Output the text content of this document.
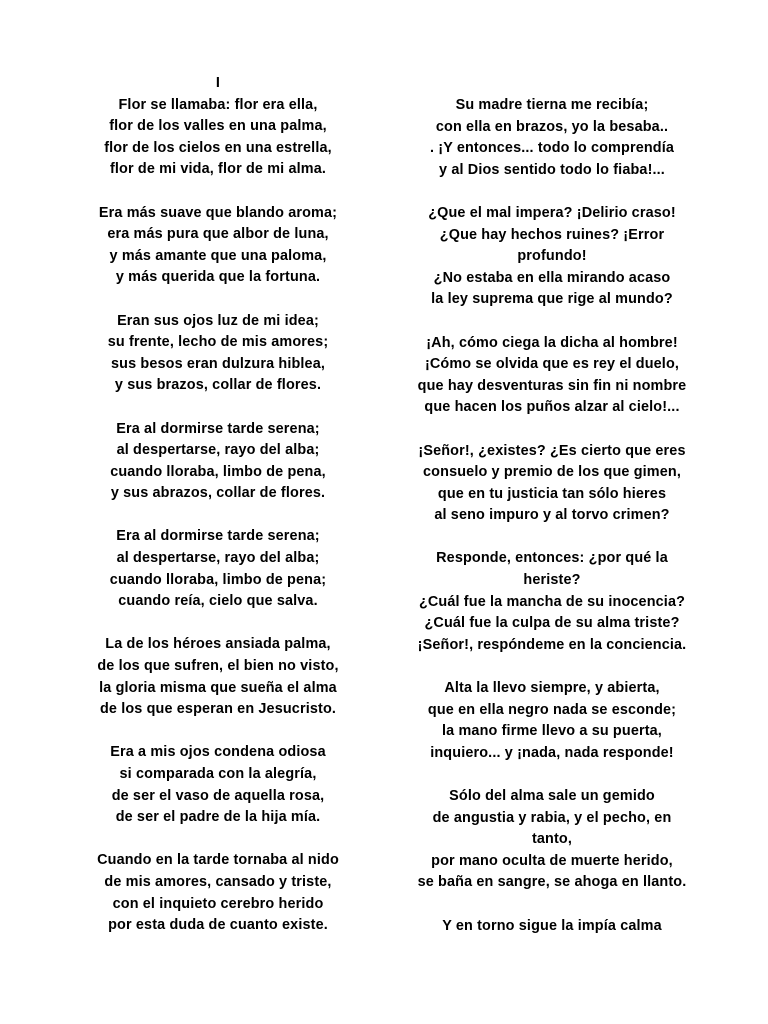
I
Flor se llamaba: flor era ella,
flor de los valles en una palma,
flor de los cielos en una estrella,
flor de mi vida, flor de mi alma.
Era más suave que blando aroma;
era más pura que albor de luna,
y más amante que una paloma,
y más querida que la fortuna.
Eran sus ojos luz de mi idea;
su frente, lecho de mis amores;
sus besos eran dulzura hiblea,
y sus brazos, collar de flores.
Era al dormirse tarde serena;
al despertarse, rayo del alba;
cuando lloraba, limbo de pena,
y sus abrazos, collar de flores.
Era al dormirse tarde serena;
al despertarse, rayo del alba;
cuando lloraba, limbo de pena;
cuando reía, cielo que salva.
La de los héroes ansiada palma,
de los que sufren, el bien no visto,
la gloria misma que sueña el alma
de los que esperan en Jesucristo.
Era a mis ojos condena odiosa
si comparada con la alegría,
de ser el vaso de aquella rosa,
de ser el padre de la hija mía.
Cuando en la tarde tornaba al nido
de mis amores, cansado y triste,
con el inquieto cerebro herido
por esta duda de cuanto existe.
Su madre tierna me recibía;
con ella en brazos, yo la besaba..
. ¡Y entonces... todo lo comprendía
y al Dios sentido todo lo fiaba!...
¿Que el mal impera? ¡Delirio craso!
¿Que hay hechos ruines? ¡Error
profundo!
¿No estaba en ella mirando acaso
la ley suprema que rige al mundo?
¡Ah, cómo ciega la dicha al hombre!
¡Cómo se olvida que es rey el duelo,
que hay desventuras sin fin ni nombre
que hacen los puños alzar al cielo!...
¡Señor!, ¿existes? ¿Es cierto que eres
consuelo y premio de los que gimen,
que en tu justicia tan sólo hieres
al seno impuro y al torvo crimen?
Responde, entonces: ¿por qué la
heriste?
¿Cuál fue la mancha de su inocencia?
¿Cuál fue la culpa de su alma triste?
¡Señor!, respóndeme en la conciencia.
Alta la llevo siempre, y abierta,
que en ella negro nada se esconde;
la mano firme llevo a su puerta,
inquiero... y ¡nada, nada responde!
Sólo del alma sale un gemido
de angustia y rabia, y el pecho, en
tanto,
por mano oculta de muerte herido,
se baña en sangre, se ahoga en llanto.
Y en torno sigue la impía calma
